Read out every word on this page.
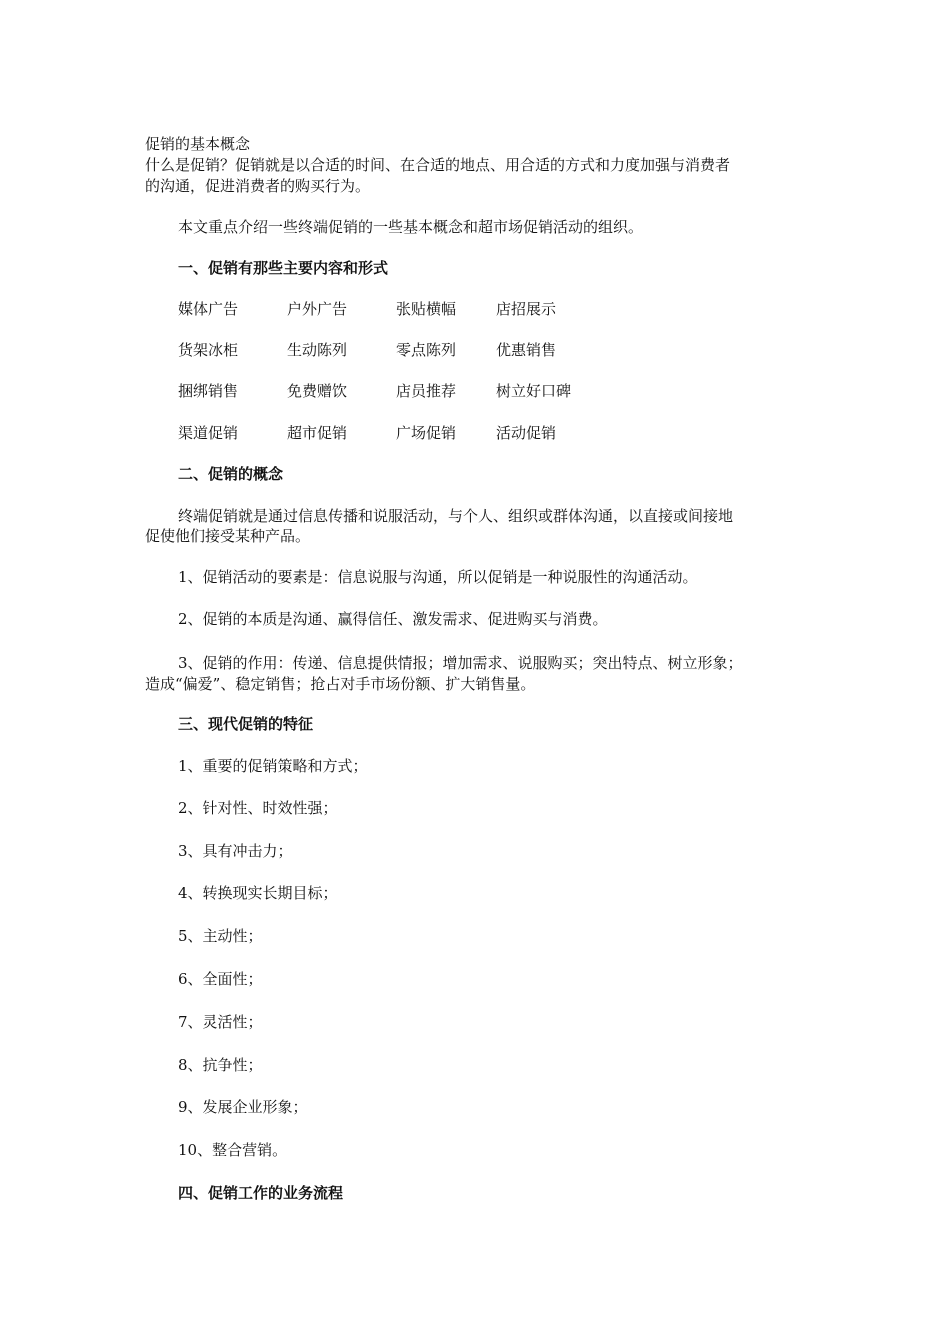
促销的基本概念
什么是促销？促销就是以合适的时间、在合适的地点、用合适的方式和力度加强与消费者
的沟通，促进消费者的购买行为。
本文重点介绍一些终端促销的一些基本概念和超市场促销活动的组织。
一、促销有那些主要内容和形式
媒体广告	户外广告	张贴横幅	店招展示
货架冰柜	生动陈列	零点陈列	优惠销售
捆绑销售	免费赠饮	店员推荐	树立好口碑
渠道促销	超市促销	广场促销	活动促销
二、促销的概念
终端促销就是通过信息传播和说服活动，与个人、组织或群体沟通，以直接或间接地
促使他们接受某种产品。
1、促销活动的要素是：信息说服与沟通，所以促销是一种说服性的沟通活动。
2、促销的本质是沟通、赢得信任、激发需求、促进购买与消费。
3、促销的作用：传递、信息提供情报；增加需求、说服购买；突出特点、树立形象；
造成“偏爱”、稳定销售；抢占对手市场份额、扩大销售量。
三、现代促销的特征
1、重要的促销策略和方式；
2、针对性、时效性强；
3、具有冲击力；
4、转换现实长期目标；
5、主动性；
6、全面性；
7、灵活性；
8、抗争性；
9、发展企业形象；
10、整合营销。
四、促销工作的业务流程
